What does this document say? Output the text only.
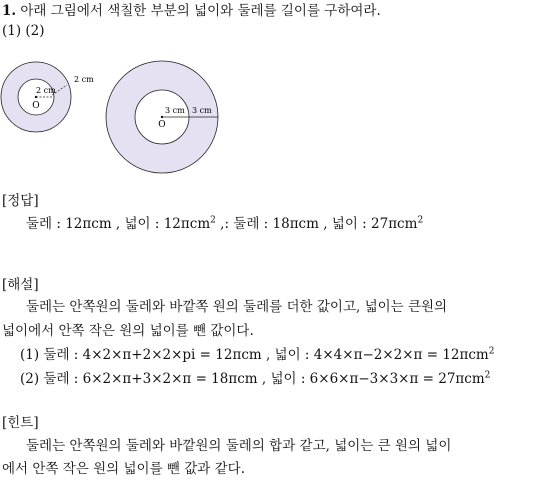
1. 아래 그림에서 색칠한 부분의 넓이와 둘레를 길이를 구하여라.
(1) (2)
O
2 cm
2 cm
O
3 cm 3 cm
[정답]
둘레 : 12πcm , 넓이 : 12πcm$^2$ ,: 둘레 : 18πcm , 넓이 : 27πcm$^2$
[해설]
둘레는 안쪽원의 둘레와 바깥쪽 원의 둘레를 더한 값이고, 넓이는 큰원의
넓이에서 안쪽 작은 원의 넓이를 뺀 값이다.
(1) 둘레 : 4×2×π+2×2×pi = 12πcm , 넓이 : 4×4×π−2×2×π = 12πcm$^2$
(2) 둘레 : 6×2×π+3×2×π = 18πcm , 넓이 : 6×6×π−3×3×π = 27πcm$^2$
[힌트]
둘레는 안쪽원의 둘레와 바깥원의 둘레의 합과 같고, 넓이는 큰 원의 넓이
에서 안쪽 작은 원의 넓이를 뺀 값과 같다.
